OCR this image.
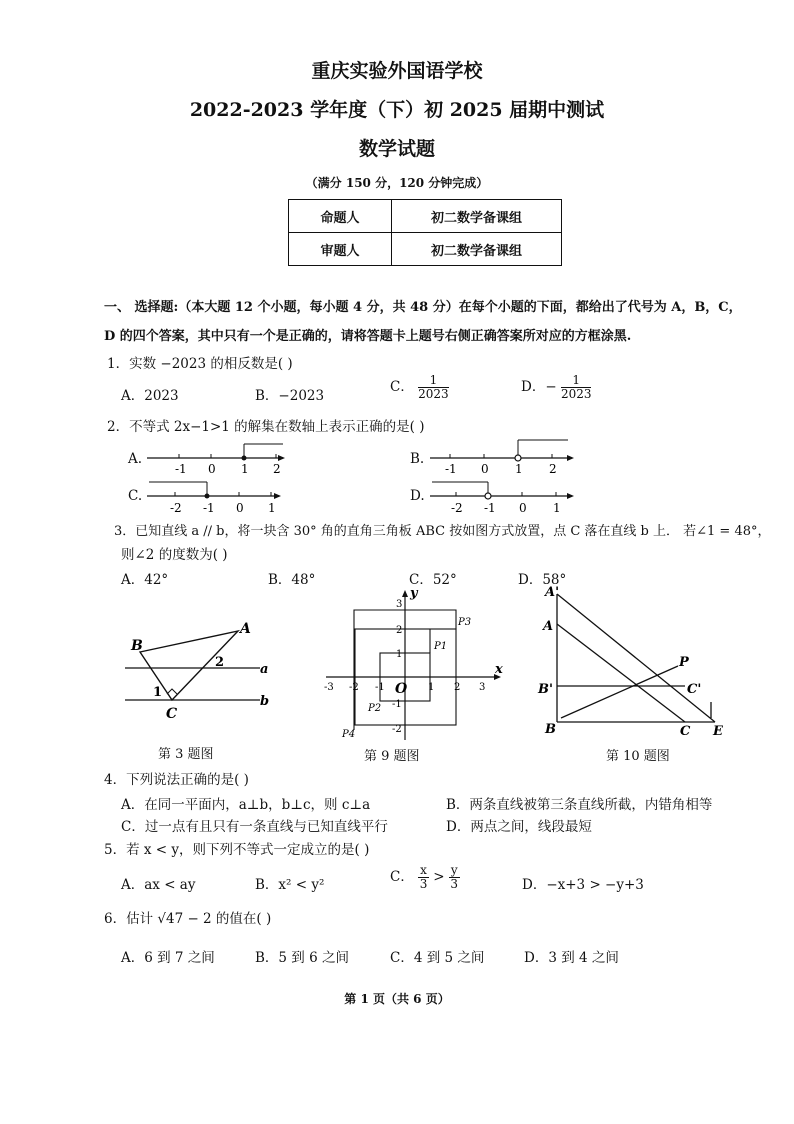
重庆实验外国语学校
2022-2023 学年度（下）初 2025 届期中测试
数学试题
（满分 150 分，120 分钟完成）
命题人	初二数学备课组
审题人	初二数学备课组
一、 选择题:（本大题 12 个小题，每小题 4 分，共 48 分）在每个小题的下面，都给出了代号为 A，B，C，
D 的四个答案，其中只有一个是正确的，请将答题卡上题号右侧正确答案所对应的方框涂黑.
1．实数 −2023 的相反数是( )
A．2023	B．−2023
C． $\frac{1}{2023}$	D．− $\frac{1}{2023}$
2．不等式 2x−1>1 的解集在数轴上表示正确的是( )
A.	B.
C.	D.
-1 0 1 2	-1 0 1 2
-2 -1 0 1	-2 -1 0 1
3．已知直线 a // b，将一块含 30° 角的直角三角板 ABC 按如图方式放置，点 C 落在直线 b 上． 若∠1 = 48°，
则∠2 的度数为( )
A．42°	B．48°	C．52°	D．58°
B
A
2	a
1
b
C
第 3 题图
-3 -2 -1	1 2 3
3
2
1
-1
-2
y
x
O
P1
P2
P3
P4
第 9 题图
A'
A
P
B'	C'
B	C E
第 10 题图
4．下列说法正确的是( )
A．在同一平面内，a⊥b，b⊥c，则 c⊥a	B．两条直线被第三条直线所截，内错角相等
C．过一点有且只有一条直线与已知直线平行	D．两点之间，线段最短
5．若 x < y，则下列不等式一定成立的是( )
A．ax < ay	B．x² < y²	C． $\frac{x}{3} > \frac{y}{3}$	D．−x+3 > −y+3
6．估计 √47 − 2 的值在( )
A．6 到 7 之间	B．5 到 6 之间	C．4 到 5 之间	D．3 到 4 之间
第 1 页（共 6 页）
